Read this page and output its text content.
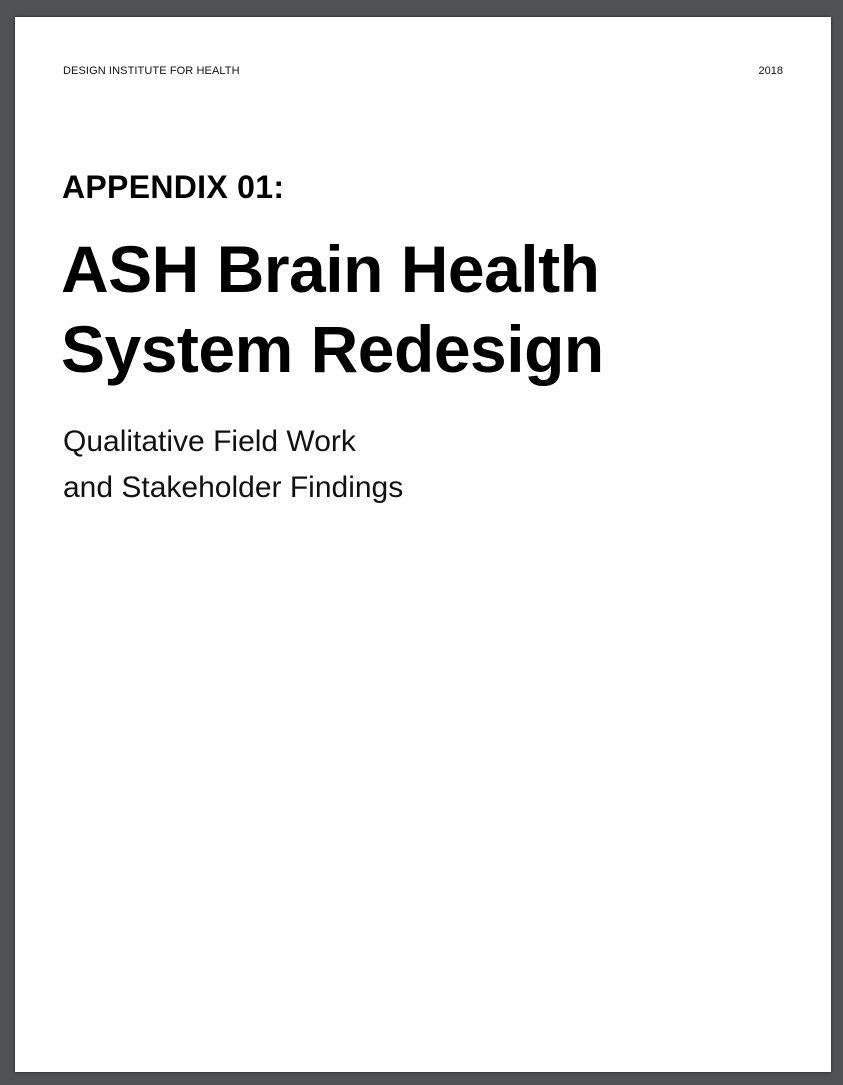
DESIGN INSTITUTE FOR HEALTH	2018
APPENDIX 01:
ASH Brain Health
System Redesign
Qualitative Field Work
and Stakeholder Findings
